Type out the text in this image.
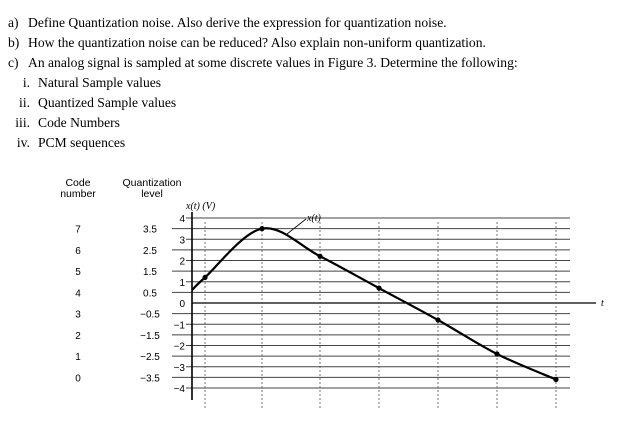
a) Define Quantization noise. Also derive the expression for quantization noise.
b) How the quantization noise can be reduced? Also explain non-uniform quantization.
c) An analog signal is sampled at some discrete values in Figure 3. Determine the following:
i. Natural Sample values
ii. Quantized Sample values
iii. Code Numbers
iv. PCM sequences
Code
number
Quantization
level
7
6
5
4
3
2
1
0
3.5
2.5
1.5
0.5
−0.5
−1.5
−2.5
−3.5
4
3
2
1
0
−1
−2
−3
−4
x(t) (V)
t
x(t)
